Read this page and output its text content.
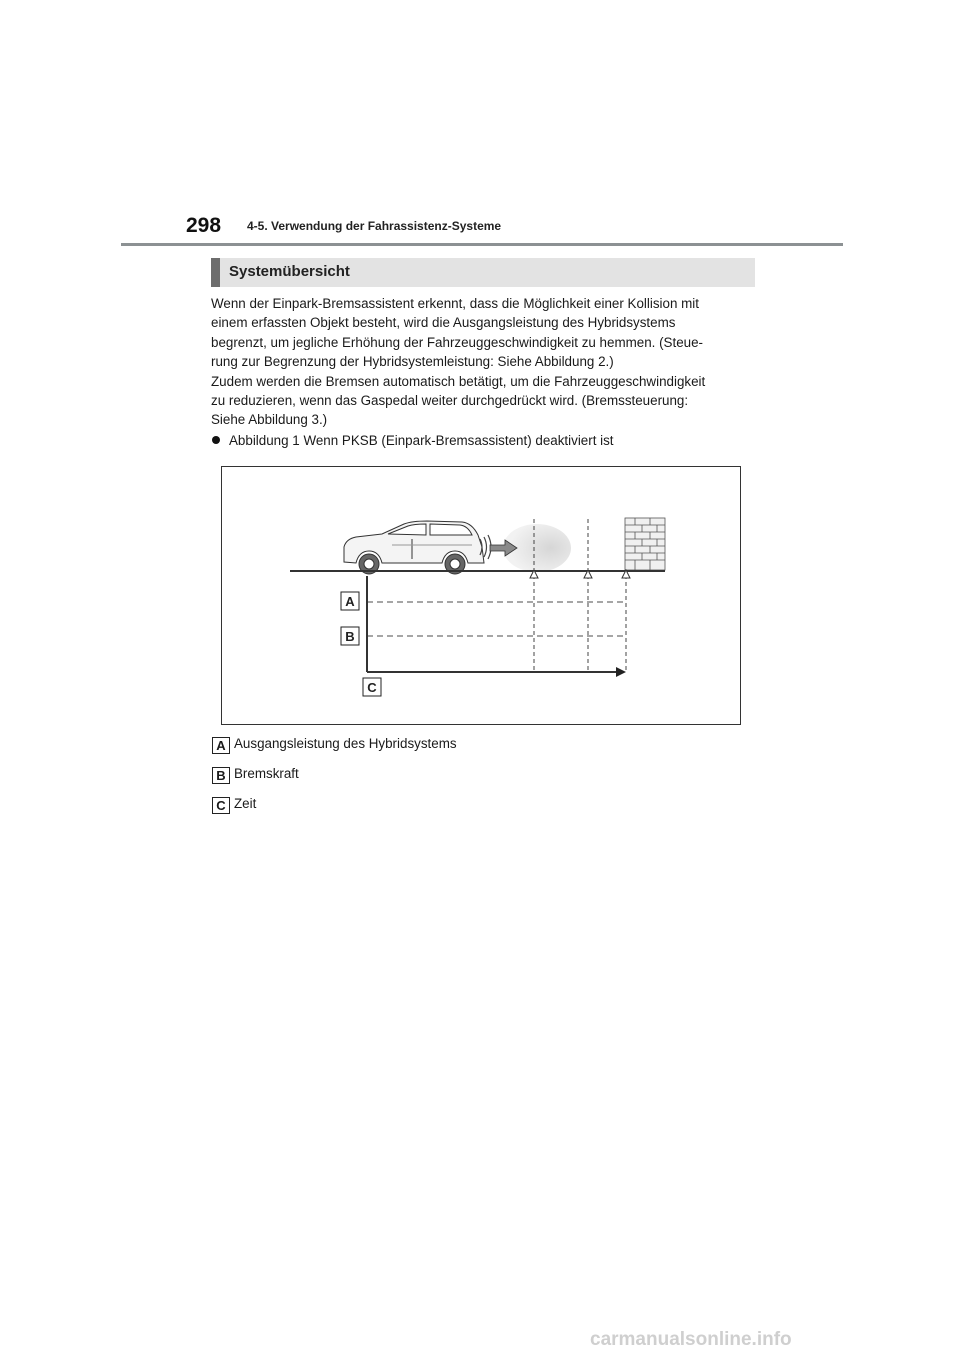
298 4-5. Verwendung der Fahrassistenz-Systeme
Systemübersicht
Wenn der Einpark-Bremsassistent erkennt, dass die Möglichkeit einer Kollision mit
einem erfassten Objekt besteht, wird die Ausgangsleistung des Hybridsystems
begrenzt, um jegliche Erhöhung der Fahrzeuggeschwindigkeit zu hemmen. (Steue-
rung zur Begrenzung der Hybridsystemleistung: Siehe Abbildung 2.)
Zudem werden die Bremsen automatisch betätigt, um die Fahrzeuggeschwindigkeit
zu reduzieren, wenn das Gaspedal weiter durchgedrückt wird. (Bremssteuerung:
Siehe Abbildung 3.)
Abbildung 1 Wenn PKSB (Einpark-Bremsassistent) deaktiviert ist
A
B
C
A Ausgangsleistung des Hybridsystems
B Bremskraft
C Zeit
carmanualsonline.info
